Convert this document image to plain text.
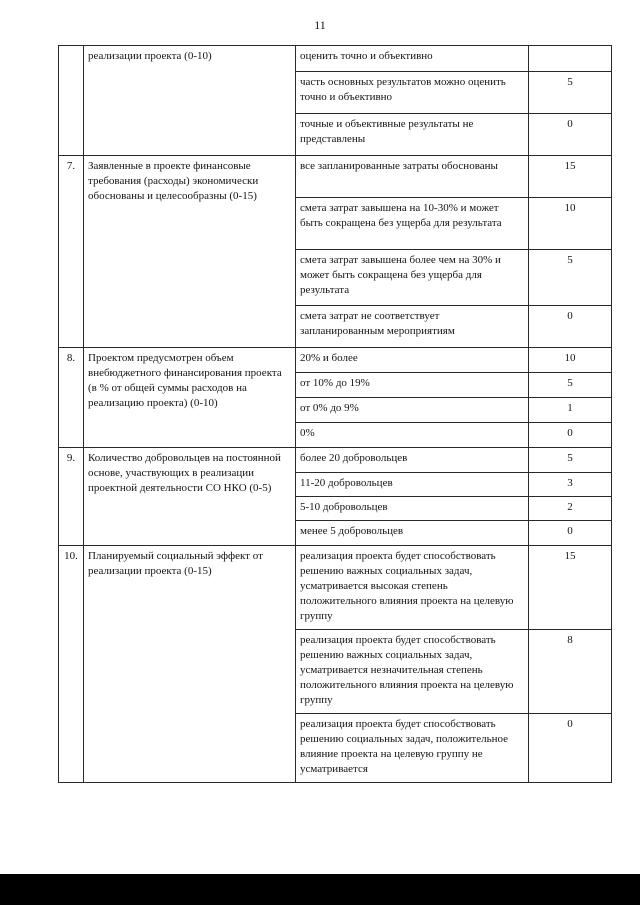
11
	реализации проекта (0-10)	оценить точно и объективно	
		часть основных результатов можно оценить точно и объективно	5
		точные и объективные результаты не представлены	0
7.	Заявленные в проекте финансовые требования (расходы) экономически обоснованы и целесообразны (0-15)	все запланированные затраты обоснованы	15
		смета затрат завышена на 10-30% и может быть сокращена без ущерба для результата	10
		смета затрат завышена более чем на 30% и может быть сокращена без ущерба для результата	5
		смета затрат не соответствует запланированным мероприятиям	0
8.	Проектом предусмотрен объем внебюджетного финансирования проекта (в % от общей суммы расходов на реализацию проекта) (0-10)	20% и более	10
		от 10% до 19%	5
		от 0% до 9%	1
		0%	0
9.	Количество добровольцев на постоянной основе, участвующих в реализации проектной деятельности СО НКО (0-5)	более 20 добровольцев	5
		11-20 добровольцев	3
		5-10 добровольцев	2
		менее 5 добровольцев	0
10.	Планируемый социальный эффект от реализации проекта (0-15)	реализация проекта будет способствовать решению важных социальных задач, усматривается высокая степень положительного влияния проекта на целевую группу	15
		реализация проекта будет способствовать решению важных социальных задач, усматривается незначительная степень положительного влияния проекта на целевую группу	8
		реализация проекта будет способствовать решению социальных задач, положительное влияние проекта на целевую группу не усматривается	0
